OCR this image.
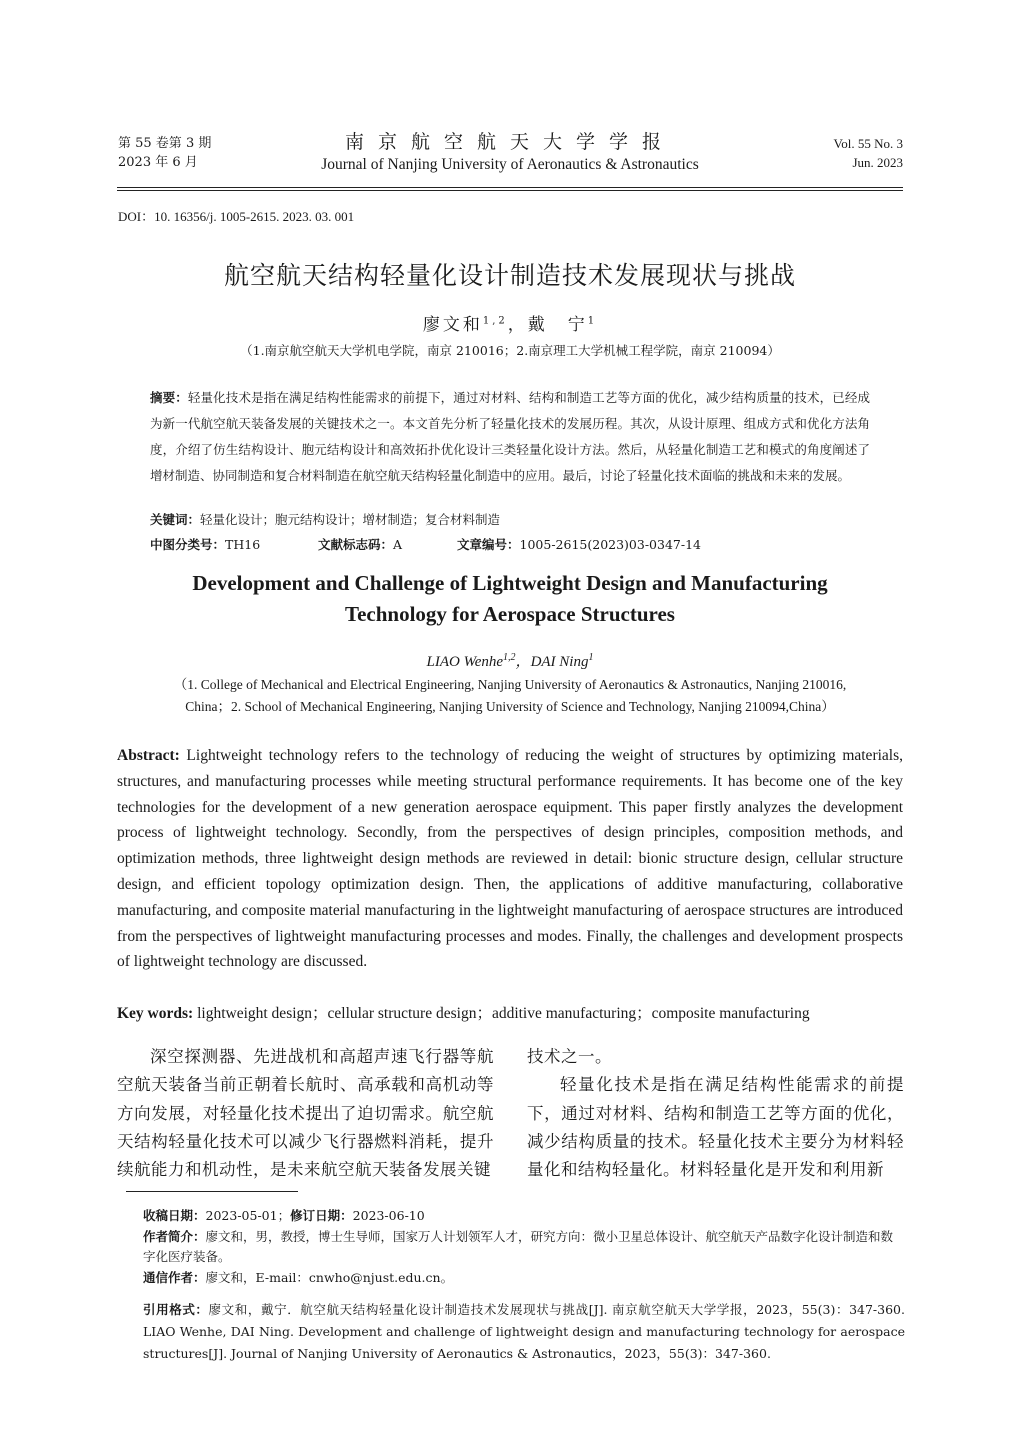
第 55 卷第 3 期
2023 年 6 月
南京航空航天大学学报
Journal of Nanjing University of Aeronautics & Astronautics
Vol. 55 No. 3
Jun. 2023
DOI：10. 16356/j. 1005-2615. 2023. 03. 001
航空航天结构轻量化设计制造技术发展现状与挑战
廖文和$^{1,2}$，戴　宁$^1$
（1.南京航空航天大学机电学院，南京 210016；2.南京理工大学机械工程学院，南京 210094）
摘要：轻量化技术是指在满足结构性能需求的前提下，通过对材料、结构和制造工艺等方面的优化，减少结构质量的技术，已经成为新一代航空航天装备发展的关键技术之一。本文首先分析了轻量化技术的发展历程。其次，从设计原理、组成方式和优化方法角度，介绍了仿生结构设计、胞元结构设计和高效拓扑优化设计三类轻量化设计方法。然后，从轻量化制造工艺和模式的角度阐述了增材制造、协同制造和复合材料制造在航空航天结构轻量化制造中的应用。最后，讨论了轻量化技术面临的挑战和未来的发展。
关键词：轻量化设计；胞元结构设计；增材制造；复合材料制造
中图分类号：TH16	文献标志码：A	文章编号：1005-2615(2023)03-0347-14
Development and Challenge of Lightweight Design and Manufacturing
Technology for Aerospace Structures
LIAO Wenhe$^{1,2}$，DAI Ning$^1$
（1. College of Mechanical and Electrical Engineering, Nanjing University of Aeronautics & Astronautics, Nanjing 210016,
China；2. School of Mechanical Engineering, Nanjing University of Science and Technology, Nanjing 210094,China）
Abstract: Lightweight technology refers to the technology of reducing the weight of structures by optimizing materials, structures, and manufacturing processes while meeting structural performance requirements. It has become one of the key technologies for the development of a new generation aerospace equipment. This paper firstly analyzes the development process of lightweight technology. Secondly, from the perspectives of design principles, composition methods, and optimization methods, three lightweight design methods are reviewed in detail: bionic structure design, cellular structure design, and efficient topology optimization design. Then, the applications of additive manufacturing, collaborative manufacturing, and composite material manufacturing in the lightweight manufacturing of aerospace structures are introduced from the perspectives of lightweight manufacturing processes and modes. Finally, the challenges and development prospects of lightweight technology are discussed.
Key words: lightweight design；cellular structure design；additive manufacturing；composite manufacturing
深空探测器、先进战机和高超声速飞行器等航空航天装备当前正朝着长航时、高承载和高机动等方向发展，对轻量化技术提出了迫切需求。航空航天结构轻量化技术可以减少飞行器燃料消耗，提升续航能力和机动性，是未来航空航天装备发展关键
技术之一。
轻量化技术是指在满足结构性能需求的前提下，通过对材料、结构和制造工艺等方面的优化，减少结构质量的技术。轻量化技术主要分为材料轻量化和结构轻量化。材料轻量化是开发和利用新
收稿日期：2023-05-01；修订日期：2023-06-10
作者简介：廖文和，男，教授，博士生导师，国家万人计划领军人才，研究方向：微小卫星总体设计、航空航天产品数字化设计制造和数字化医疗装备。
通信作者：廖文和，E-mail：cnwho@njust.edu.cn。
引用格式：廖文和，戴宁．航空航天结构轻量化设计制造技术发展现状与挑战[J]. 南京航空航天大学学报，2023，55(3)：347-360. LIAO Wenhe, DAI Ning. Development and challenge of lightweight design and manufacturing technology for aerospace structures[J]. Journal of Nanjing University of Aeronautics & Astronautics，2023，55(3)：347-360.
